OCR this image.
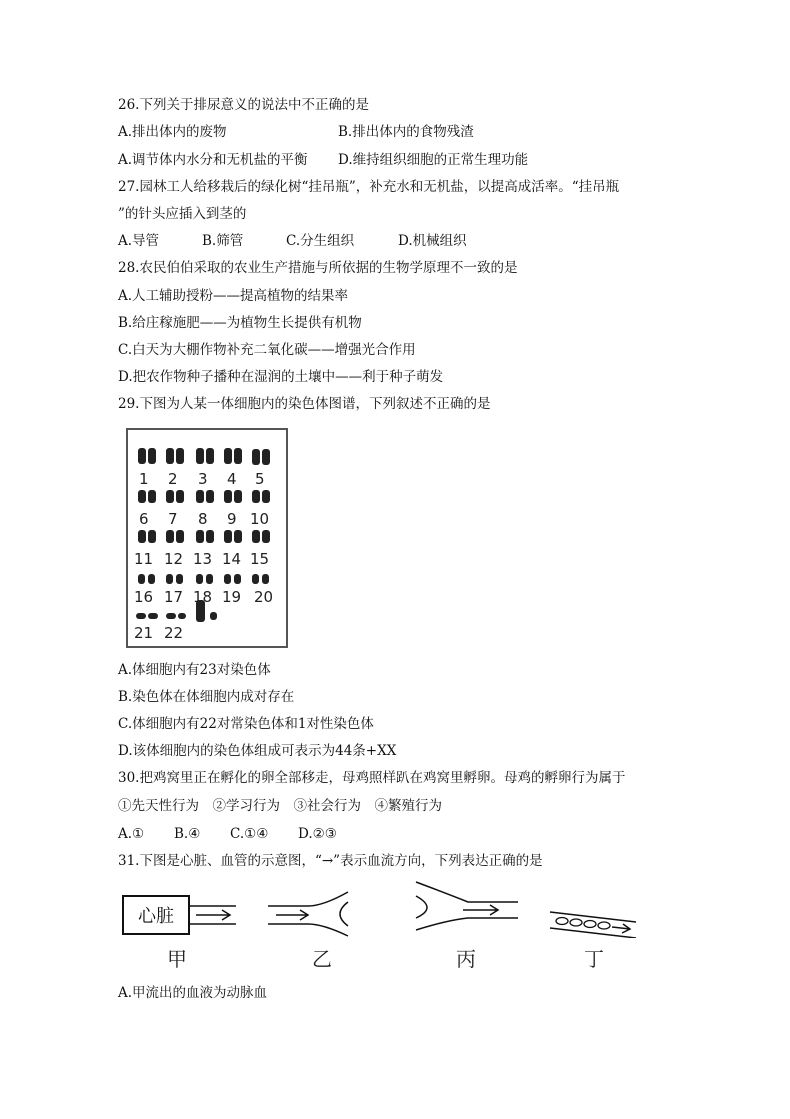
26.下列关于排尿意义的说法中不正确的是
A.排出体内的废物	B.排出体内的食物残渣
A.调节体内水分和无机盐的平衡 D.维持组织细胞的正常生理功能
27.园林工人给移栽后的绿化树“挂吊瓶”，补充水和无机盐，以提高成活率。“挂吊瓶
”的针头应插入到茎的
A.导管	B.筛管	C.分生组织	D.机械组织
28.农民伯伯采取的农业生产措施与所依据的生物学原理不一致的是
A.人工辅助授粉——提高植物的结果率
B.给庄稼施肥——为植物生长提供有机物
C.白天为大棚作物补充二氧化碳——增强光合作用
D.把农作物种子播种在湿润的土壤中——利于种子萌发
29.下图为人某一体细胞内的染色体图谱，下列叙述不正确的是
1 2 3 4 5
6 7 8 9 10
11 12 13 14 15
16 17 18 19 20
21 22
A.体细胞内有23对染色体
B.染色体在体细胞内成对存在
C.体细胞内有22对常染色体和1对性染色体
D.该体细胞内的染色体组成可表示为44条+XX
30.把鸡窝里正在孵化的卵全部移走，母鸡照样趴在鸡窝里孵卵。母鸡的孵卵行为属于
①先天性行为　②学习行为　③社会行为　④繁殖行为
A.① B.④ C.①④ D.②③
31.下图是心脏、血管的示意图，“→”表示血流方向，下列表达正确的是
心脏
甲	乙	丙	丁
A.甲流出的血液为动脉血
